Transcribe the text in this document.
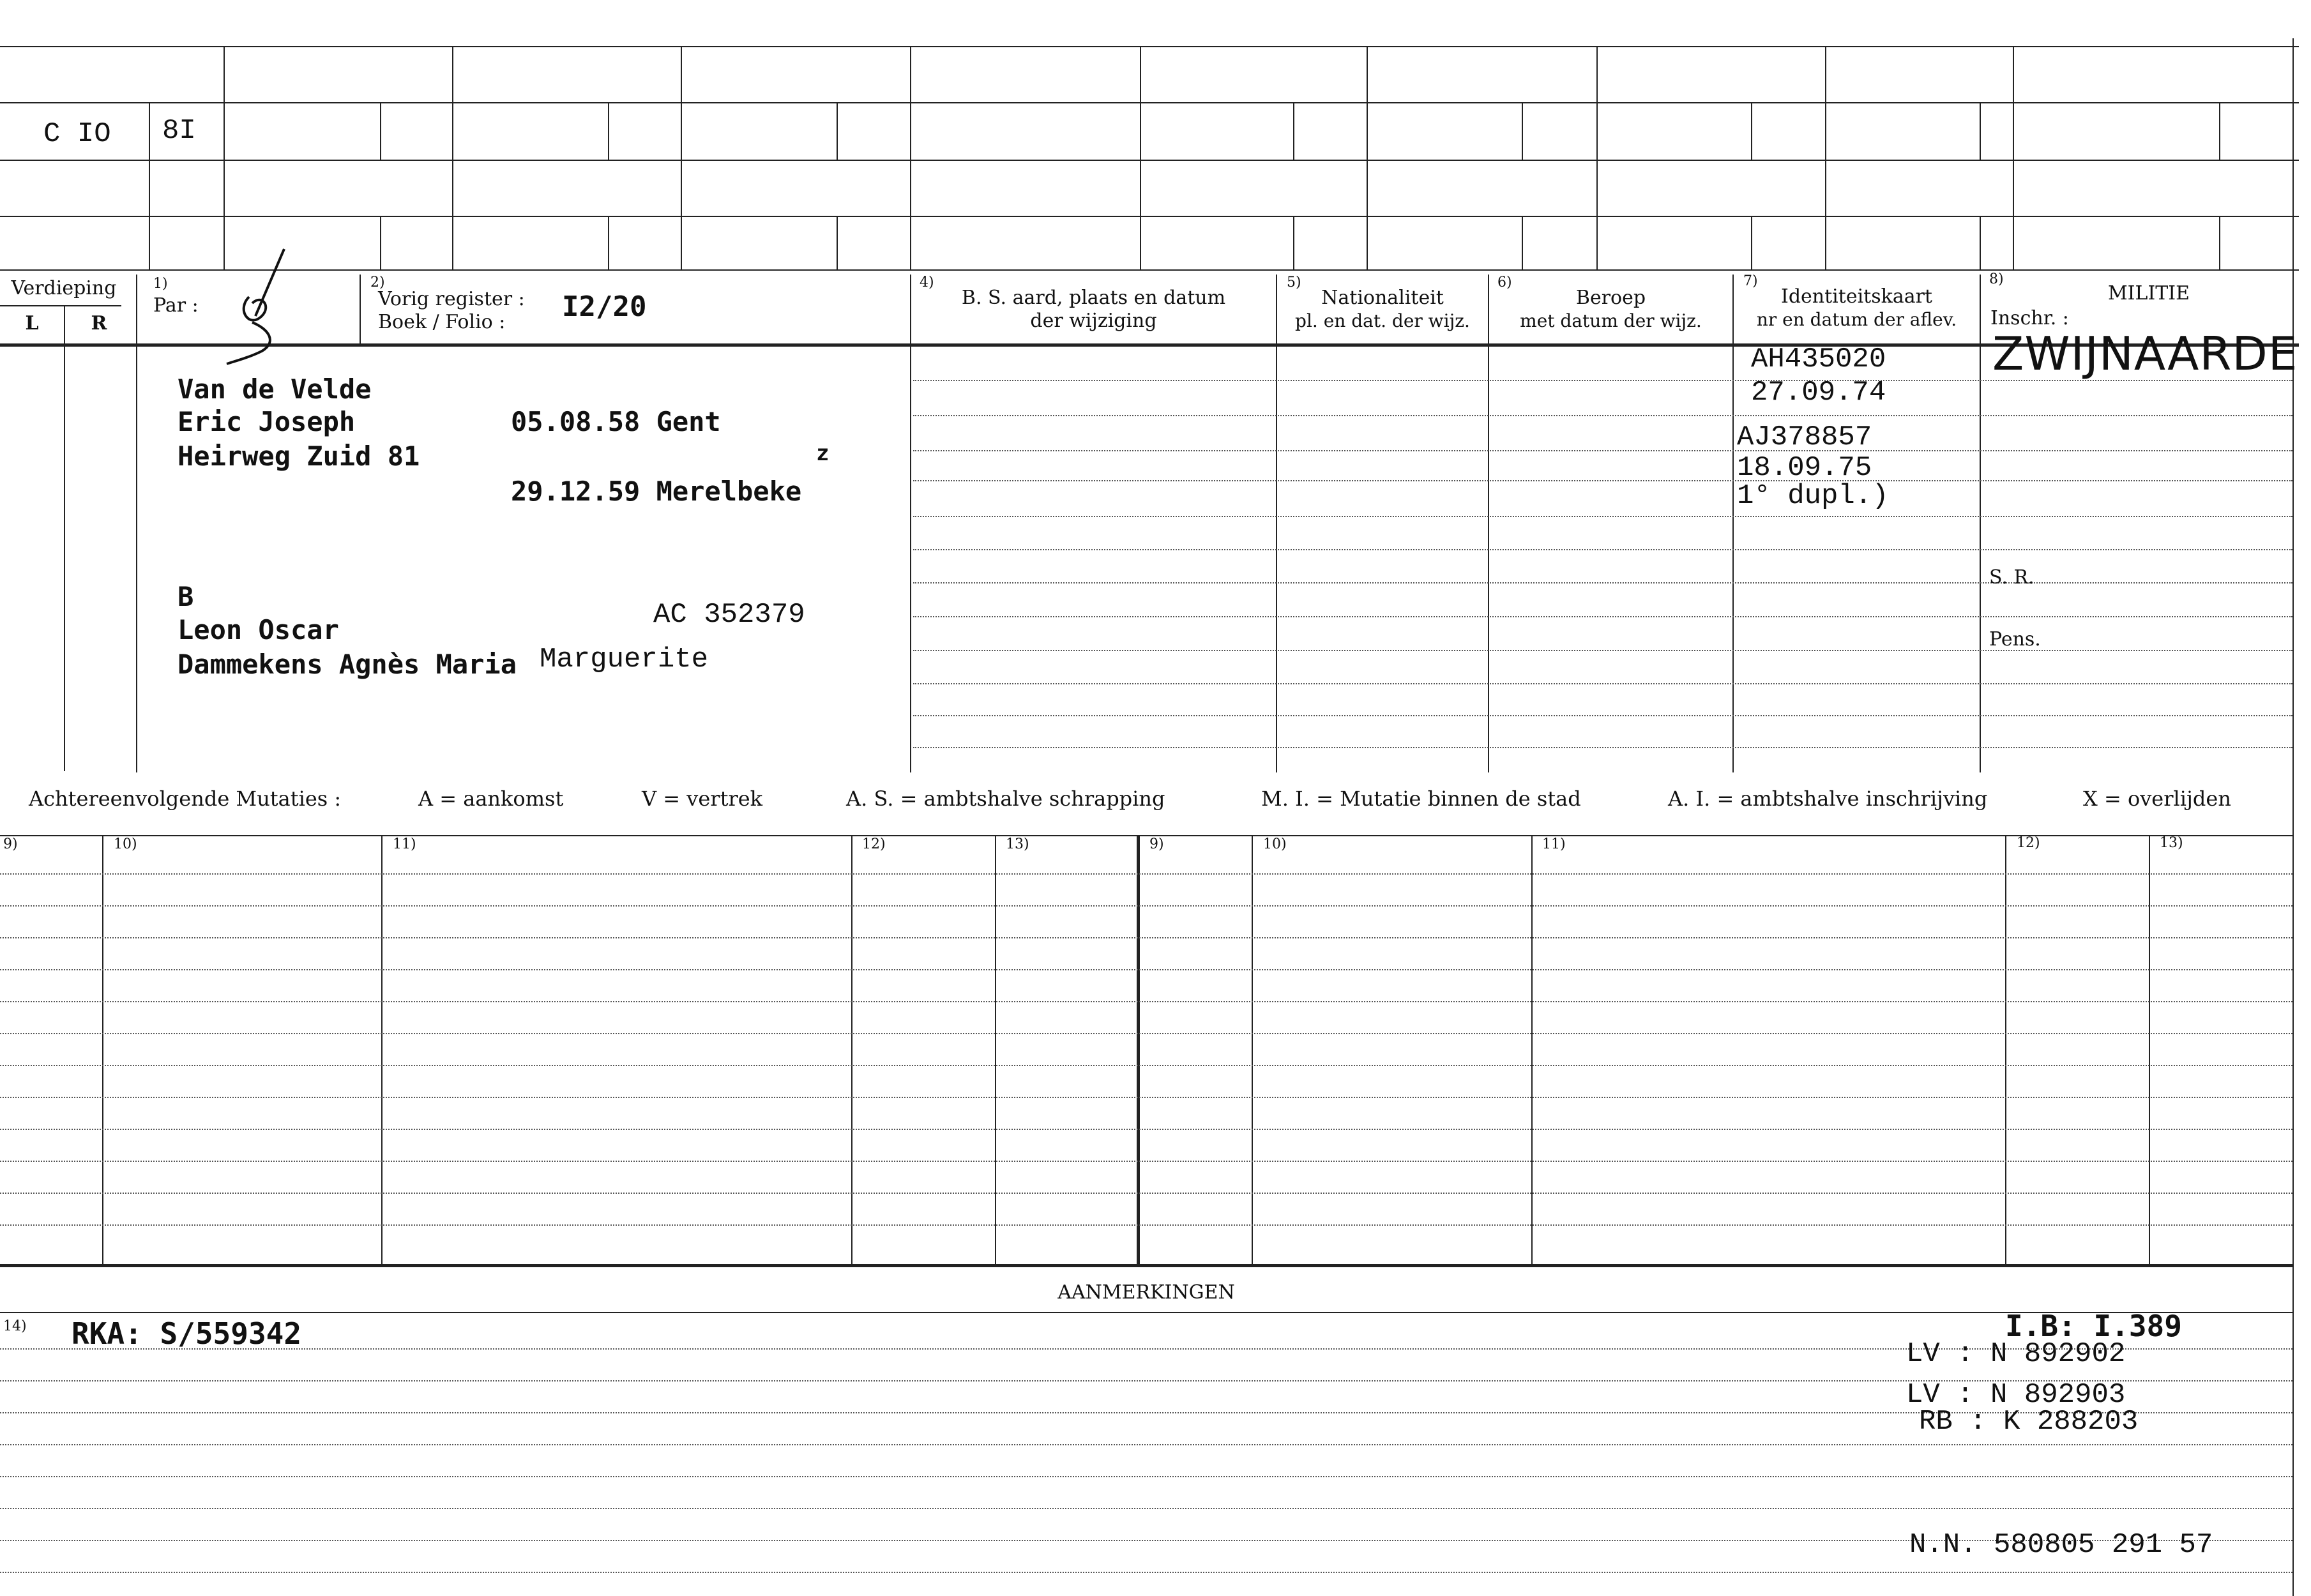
C IO 8I
Verdieping
L	R
1)
Par :
2)
Vorig register :
Boek / Folio : I2/20
4)
B. S. aard, plaats en datum
der wijziging
5)
Nationaliteit
pl. en dat. der wijz.
6)
Beroep
met datum der wijz.
7)
Identiteitskaart
nr en datum der aflev.
8)
MILITIE
Inschr. :
Van de Velde
Eric Joseph
Heirweg Zuid 81
05.08.58 Gent
z
29.12.59 Merelbeke
B
Leon Oscar	AC 352379
Dammekens Agnès Maria Marguerite
AH435020
27.09.74
AJ378857
18.09.75
1° dupl.)
ZWIJNAARDE
S. R.
Pens.
Achtereenvolgende Mutaties :	A = aankomst	V = vertrek	A. S. = ambtshalve schrapping	M. I. = Mutatie binnen de stad	A. I. = ambtshalve inschrijving	X = overlijden
9)	10)	11)	12)	13)	9)	10)	11)	12)	13)
AANMERKINGEN
14) RKA: S/559342	I.B: I.389
LV : N 892902
LV : N 892903
RB : K 288203
N.N. 580805 291 57
